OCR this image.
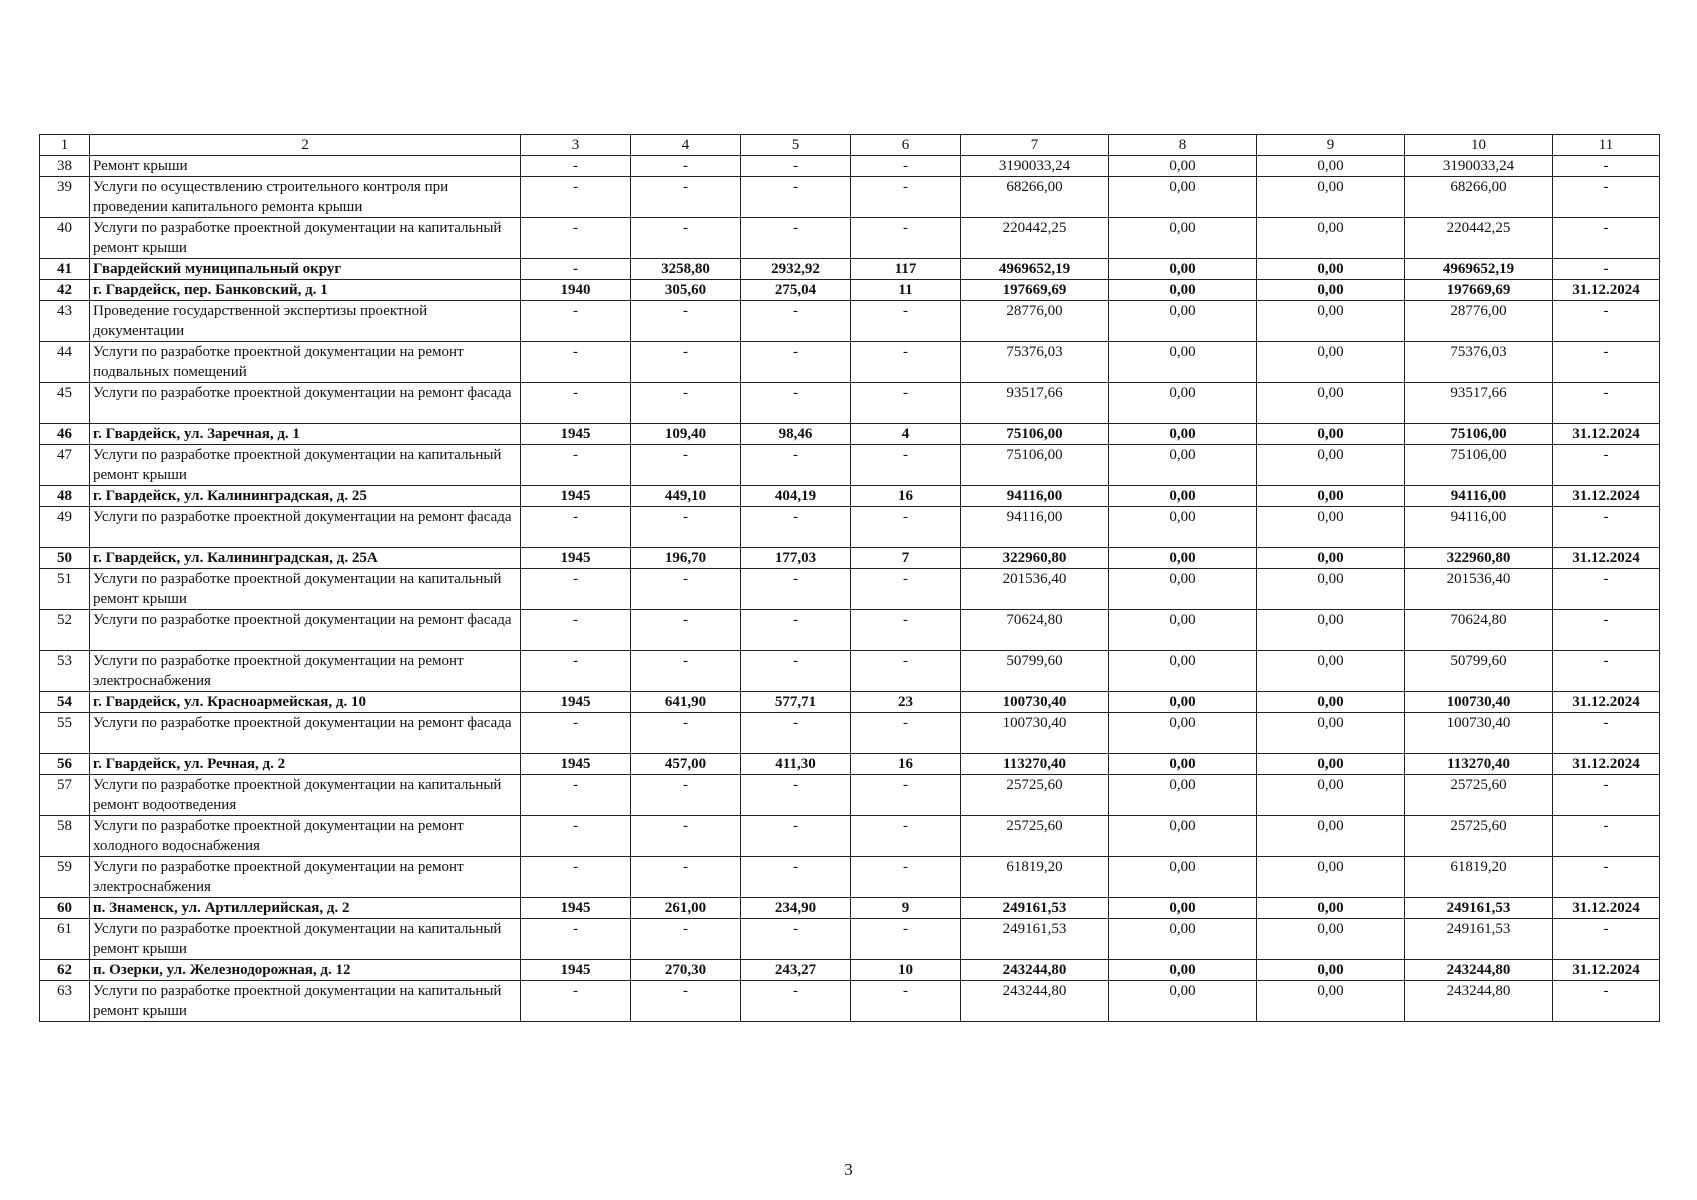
1	2	3	4	5	6	7	8	9	10	11
38	Ремонт крыши	-	-	-	-	3190033,24	0,00	0,00	3190033,24	-
39	Услуги по осуществлению строительного контроля при проведении капитального ремонта крыши	-	-	-	-	68266,00	0,00	0,00	68266,00	-
40	Услуги по разработке проектной документации на капитальный ремонт крыши	-	-	-	-	220442,25	0,00	0,00	220442,25	-
41	Гвардейский муниципальный округ	-	3258,80	2932,92	117	4969652,19	0,00	0,00	4969652,19	-
42	г. Гвардейск, пер. Банковский, д. 1	1940	305,60	275,04	11	197669,69	0,00	0,00	197669,69	31.12.2024
43	Проведение государственной экспертизы проектной документации	-	-	-	-	28776,00	0,00	0,00	28776,00	-
44	Услуги по разработке проектной документации на ремонт подвальных помещений	-	-	-	-	75376,03	0,00	0,00	75376,03	-
45	Услуги по разработке проектной документации на ремонт фасада	-	-	-	-	93517,66	0,00	0,00	93517,66	-
46	г. Гвардейск, ул. Заречная, д. 1	1945	109,40	98,46	4	75106,00	0,00	0,00	75106,00	31.12.2024
47	Услуги по разработке проектной документации на капитальный ремонт крыши	-	-	-	-	75106,00	0,00	0,00	75106,00	-
48	г. Гвардейск, ул. Калининградская, д. 25	1945	449,10	404,19	16	94116,00	0,00	0,00	94116,00	31.12.2024
49	Услуги по разработке проектной документации на ремонт фасада	-	-	-	-	94116,00	0,00	0,00	94116,00	-
50	г. Гвардейск, ул. Калининградская, д. 25А	1945	196,70	177,03	7	322960,80	0,00	0,00	322960,80	31.12.2024
51	Услуги по разработке проектной документации на капитальный ремонт крыши	-	-	-	-	201536,40	0,00	0,00	201536,40	-
52	Услуги по разработке проектной документации на ремонт фасада	-	-	-	-	70624,80	0,00	0,00	70624,80	-
53	Услуги по разработке проектной документации на ремонт электроснабжения	-	-	-	-	50799,60	0,00	0,00	50799,60	-
54	г. Гвардейск, ул. Красноармейская, д. 10	1945	641,90	577,71	23	100730,40	0,00	0,00	100730,40	31.12.2024
55	Услуги по разработке проектной документации на ремонт фасада	-	-	-	-	100730,40	0,00	0,00	100730,40	-
56	г. Гвардейск, ул. Речная, д. 2	1945	457,00	411,30	16	113270,40	0,00	0,00	113270,40	31.12.2024
57	Услуги по разработке проектной документации на капитальный ремонт водоотведения	-	-	-	-	25725,60	0,00	0,00	25725,60	-
58	Услуги по разработке проектной документации на ремонт холодного водоснабжения	-	-	-	-	25725,60	0,00	0,00	25725,60	-
59	Услуги по разработке проектной документации на ремонт электроснабжения	-	-	-	-	61819,20	0,00	0,00	61819,20	-
60	п. Знаменск, ул. Артиллерийская, д. 2	1945	261,00	234,90	9	249161,53	0,00	0,00	249161,53	31.12.2024
61	Услуги по разработке проектной документации на капитальный ремонт крыши	-	-	-	-	249161,53	0,00	0,00	249161,53	-
62	п. Озерки, ул. Железнодорожная, д. 12	1945	270,30	243,27	10	243244,80	0,00	0,00	243244,80	31.12.2024
63	Услуги по разработке проектной документации на капитальный ремонт крыши	-	-	-	-	243244,80	0,00	0,00	243244,80	-
3
